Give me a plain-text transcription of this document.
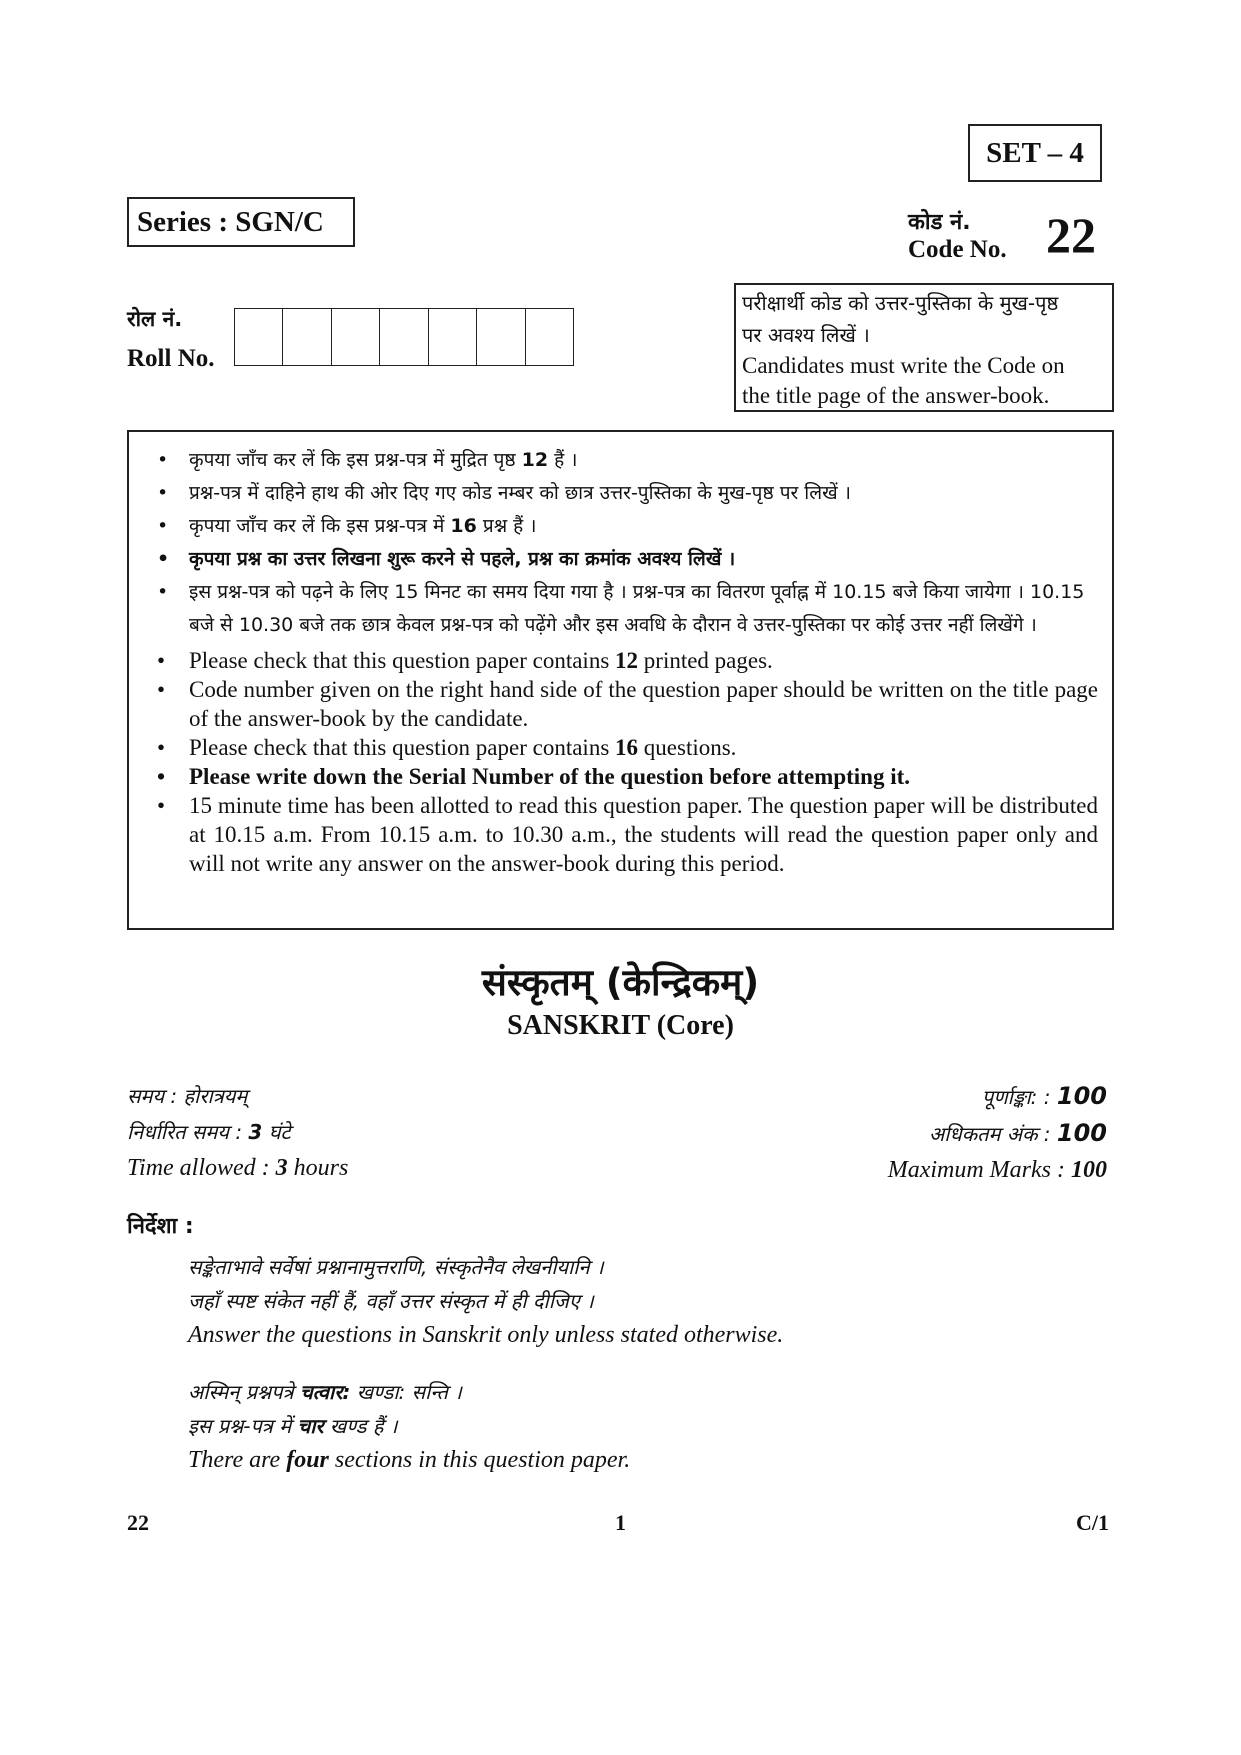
SET – 4
Series : SGN/C	कोड नं.
Code No. 22
रोल नं.
Roll No.
परीक्षार्थी कोड को उत्तर-पुस्तिका के मुख-पृष्ठ
पर अवश्य लिखें ।
Candidates must write the Code on
the title page of the answer-book.
• कृपया जाँच कर लें कि इस प्रश्न-पत्र में मुद्रित पृष्ठ 12 हैं ।
• प्रश्न-पत्र में दाहिने हाथ की ओर दिए गए कोड नम्बर को छात्र उत्तर-पुस्तिका के मुख-पृष्ठ पर लिखें ।
• कृपया जाँच कर लें कि इस प्रश्न-पत्र में 16 प्रश्न हैं ।
• कृपया प्रश्न का उत्तर लिखना शुरू करने से पहले, प्रश्न का क्रमांक अवश्य लिखें ।
• इस प्रश्न-पत्र को पढ़ने के लिए 15 मिनट का समय दिया गया है । प्रश्न-पत्र का वितरण पूर्वाह्न में 10.15 बजे किया जायेगा । 10.15 बजे से 10.30 बजे तक छात्र केवल प्रश्न-पत्र को पढ़ेंगे और इस अवधि के दौरान वे उत्तर-पुस्तिका पर कोई उत्तर नहीं लिखेंगे ।
• Please check that this question paper contains 12 printed pages.
• Code number given on the right hand side of the question paper should be written on the title page of the answer-book by the candidate.
• Please check that this question paper contains 16 questions.
• Please write down the Serial Number of the question before attempting it.
• 15 minute time has been allotted to read this question paper. The question paper will be distributed at 10.15 a.m. From 10.15 a.m. to 10.30 a.m., the students will read the question paper only and will not write any answer on the answer-book during this period.
संस्कृतम् (केन्द्रिकम्)
SANSKRIT (Core)
समय : होरात्रयम्
निर्धारित समय : 3 घंटे
Time allowed : 3 hours
पूर्णाङ्का: : 100
अधिकतम अंक : 100
Maximum Marks : 100
निर्देशा :
सङ्केताभावे सर्वेषां प्रश्नानामुत्तराणि, संस्कृतेनैव लेखनीयानि ।
जहाँ स्पष्ट संकेत नहीं हैं, वहाँ उत्तर संस्कृत में ही दीजिए ।
Answer the questions in Sanskrit only unless stated otherwise.
अस्मिन् प्रश्नपत्रे चत्वार: खण्डा: सन्ति ।
इस प्रश्न-पत्र में चार खण्ड हैं ।
There are four sections in this question paper.
22	1	C/1
